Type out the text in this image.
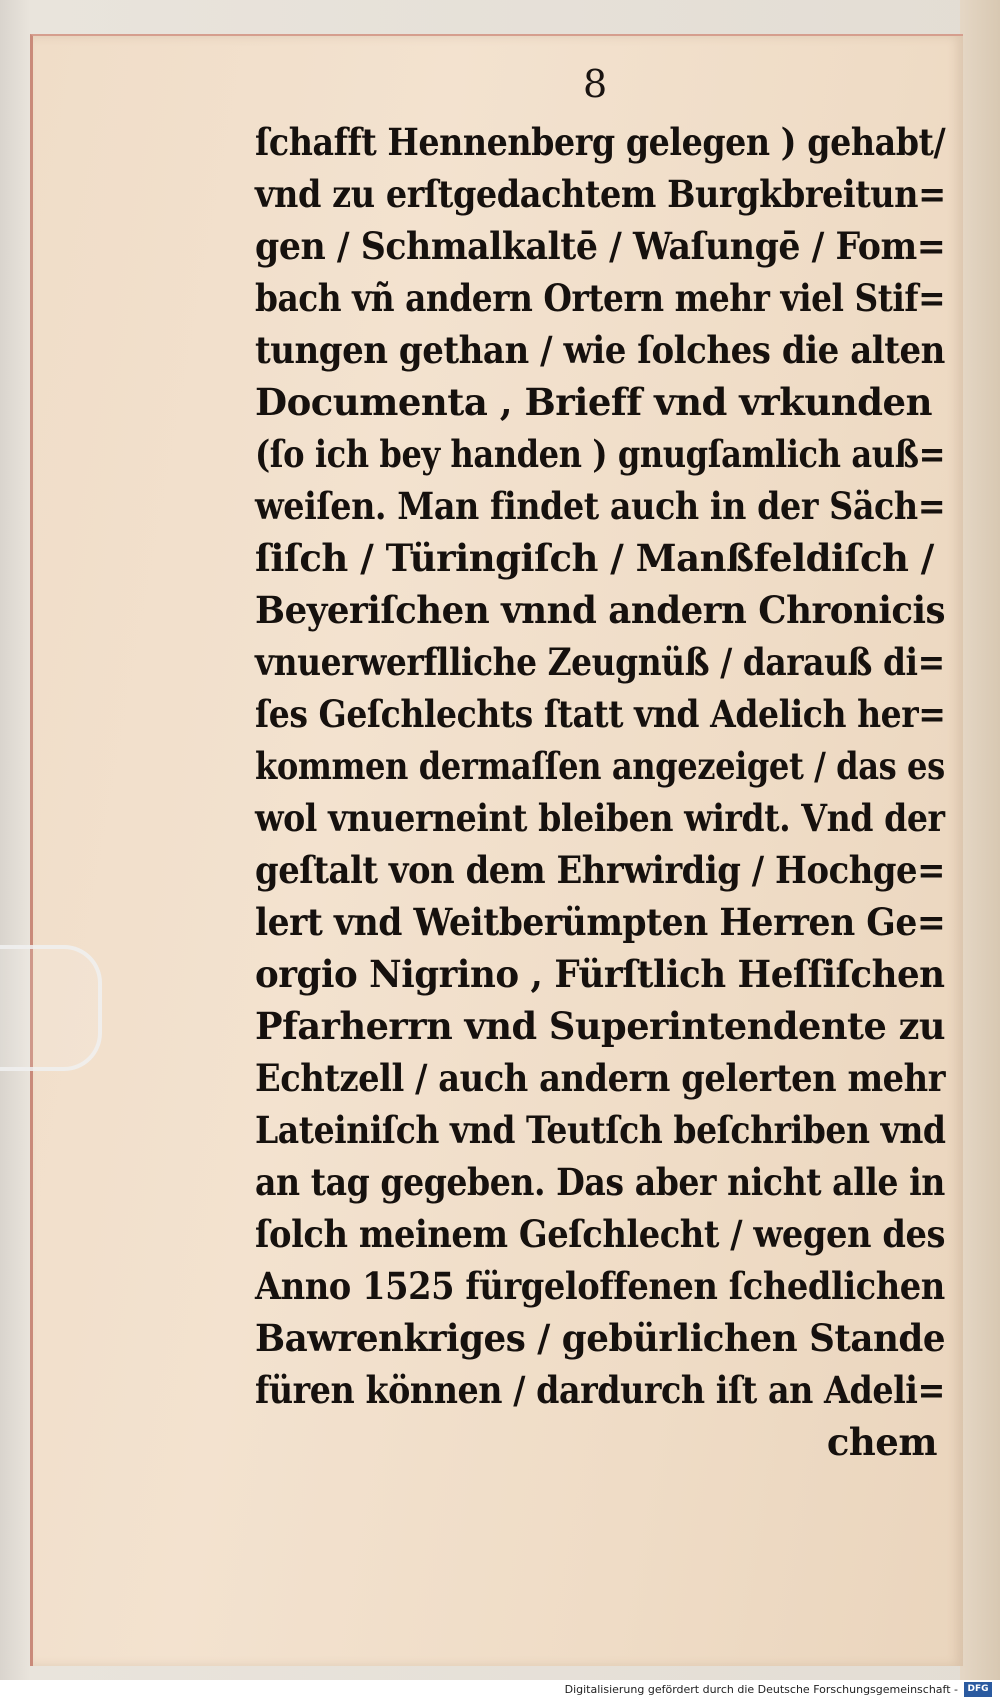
8
ſchafft Hennenberg gelegen ) gehabt/
vnd zu erſtgedachtem Burgkbreitun=
gen / Schmalkaltē / Waſungē / Fom=
bach vñ andern Ortern mehr viel Stif=
tungen gethan / wie ſolches die alten
Documenta , Brieff vnd vrkunden
(ſo ich bey handen ) gnugſamlich auß=
weiſen. Man findet auch in der Säch=
ſiſch / Türingiſch / Manßfeldiſch /
Beyeriſchen vnnd andern Chronicis
vnuerwerflliche Zeugnüß / darauß di=
ſes Geſchlechts ſtatt vnd Adelich her=
kommen dermaſſen angezeiget / das es
wol vnuerneint bleiben wirdt. Vnd der
geſtalt von dem Ehrwirdig / Hochge=
lert vnd Weitberümpten Herren Ge=
orgio Nigrino , Fürſtlich Heſſiſchen
Pfarherrn vnd Superintendente zu
Echtzell / auch andern gelerten mehr
Lateiniſch vnd Teutſch beſchriben vnd
an tag gegeben. Das aber nicht alle in
ſolch meinem Geſchlecht / wegen des
Anno 1525 fürgeloffenen ſchedlichen
Bawrenkriges / gebürlichen Stande
füren können / dardurch iſt an Adeli=
chem
Digitalisierung gefördert durch die Deutsche Forschungsgemeinschaft -	DFG
